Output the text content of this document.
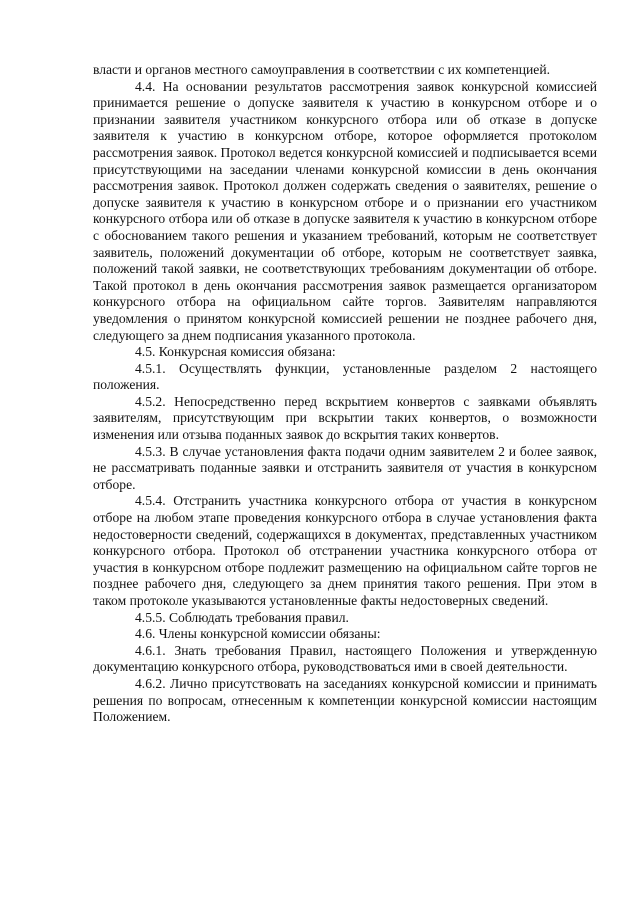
власти и органов местного самоуправления в соответствии с их компетенцией.

4.4. На основании результатов рассмотрения заявок конкурсной комиссией принимается решение о допуске заявителя к участию в конкурсном отборе и о признании заявителя участником конкурсного отбора или об отказе в допуске заявителя к участию в конкурсном отборе, которое оформляется протоколом рассмотрения заявок. Протокол ведется конкурсной комиссией и подписывается всеми присутствующими на заседании членами конкурсной комиссии в день окончания рассмотрения заявок. Протокол должен содержать сведения о заявителях, решение о допуске заявителя к участию в конкурсном отборе и о признании его участником конкурсного отбора или об отказе в допуске заявителя к участию в конкурсном отборе с обоснованием такого решения и указанием требований, которым не соответствует заявитель, положений документации об отборе, которым не соответствует заявка, положений такой заявки, не соответствующих требованиям документации об отборе. Такой протокол в день окончания рассмотрения заявок размещается организатором конкурсного отбора на официальном сайте торгов. Заявителям направляются уведомления о принятом конкурсной комиссией решении не позднее рабочего дня, следующего за днем подписания указанного протокола.

4.5. Конкурсная комиссия обязана:

4.5.1. Осуществлять функции, установленные разделом 2 настоящего положения.

4.5.2. Непосредственно перед вскрытием конвертов с заявками объявлять заявителям, присутствующим при вскрытии таких конвертов, о возможности изменения или отзыва поданных заявок до вскрытия таких конвертов.

4.5.3. В случае установления факта подачи одним заявителем 2 и более заявок, не рассматривать поданные заявки и отстранить заявителя от участия в конкурсном отборе.

4.5.4. Отстранить участника конкурсного отбора от участия в конкурсном отборе на любом этапе проведения конкурсного отбора в случае установления факта недостоверности сведений, содержащихся в документах, представленных участником конкурсного отбора. Протокол об отстранении участника конкурсного отбора от участия в конкурсном отборе подлежит размещению на официальном сайте торгов не позднее рабочего дня, следующего за днем принятия такого решения. При этом в таком протоколе указываются установленные факты недостоверных сведений.

4.5.5. Соблюдать требования правил.

4.6. Члены конкурсной комиссии обязаны:

4.6.1. Знать требования Правил, настоящего Положения и утвержденную документацию конкурсного отбора, руководствоваться ими в своей деятельности.

4.6.2. Лично присутствовать на заседаниях конкурсной комиссии и принимать решения по вопросам, отнесенным к компетенции конкурсной комиссии настоящим Положением.
